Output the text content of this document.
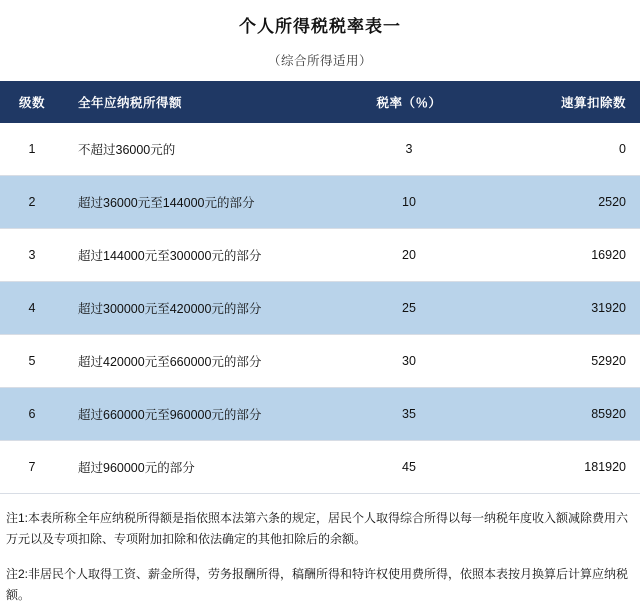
个人所得税税率表一
（综合所得适用）
级数	全年应纳税所得额	税率（％）	速算扣除数
1	不超过36000元的	3	0
2	超过36000元至144000元的部分	10	2520
3	超过144000元至300000元的部分	20	16920
4	超过300000元至420000元的部分	25	31920
5	超过420000元至660000元的部分	30	52920
6	超过660000元至960000元的部分	35	85920
7	超过960000元的部分	45	181920
注1:本表所称全年应纳税所得额是指依照本法第六条的规定，居民个人取得综合所得以每一纳税年度收入额减除费用六万元以及专项扣除、专项附加扣除和依法确定的其他扣除后的余额。
注2:非居民个人取得工资、薪金所得，劳务报酬所得，稿酬所得和特许权使用费所得，依照本表按月换算后计算应纳税额。
